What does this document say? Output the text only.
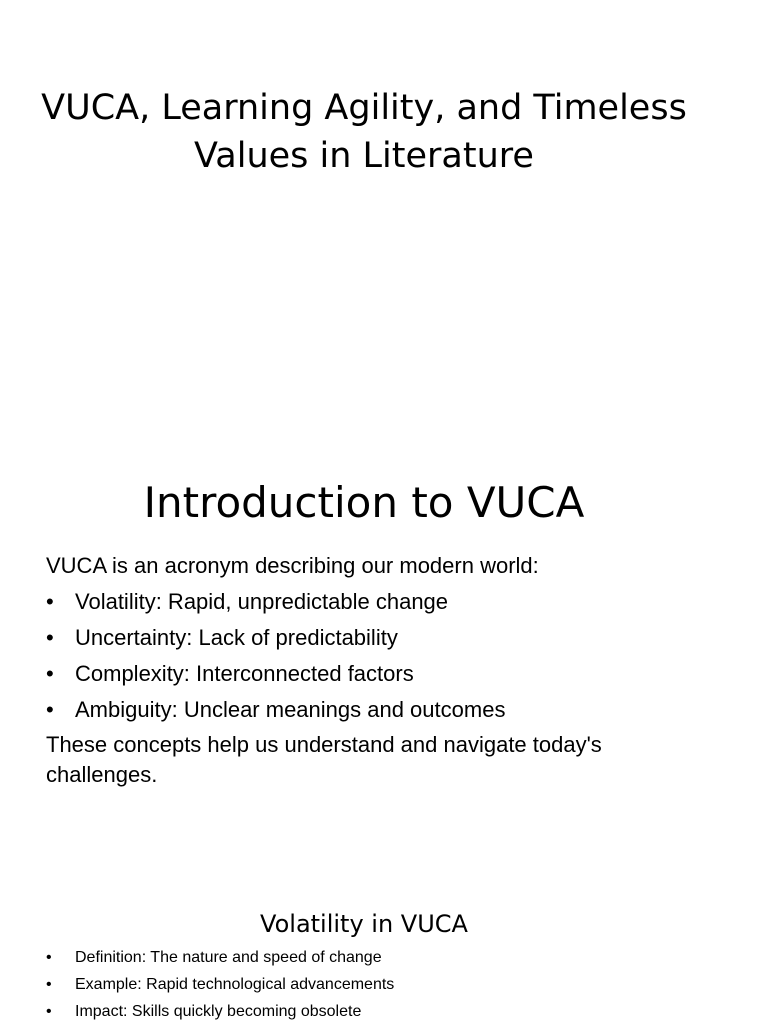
VUCA, Learning Agility, and Timeless Values in Literature
Introduction to VUCA

VUCA is an acronym describing our modern world:

• Volatility: Rapid, unpredictable change
• Uncertainty: Lack of predictability
• Complexity: Interconnected factors
• Ambiguity: Unclear meanings and outcomes

These concepts help us understand and navigate today's challenges.

Volatility in VUCA
• Definition: The nature and speed of change
• Example: Rapid technological advancements
• Impact: Skills quickly becoming obsolete
